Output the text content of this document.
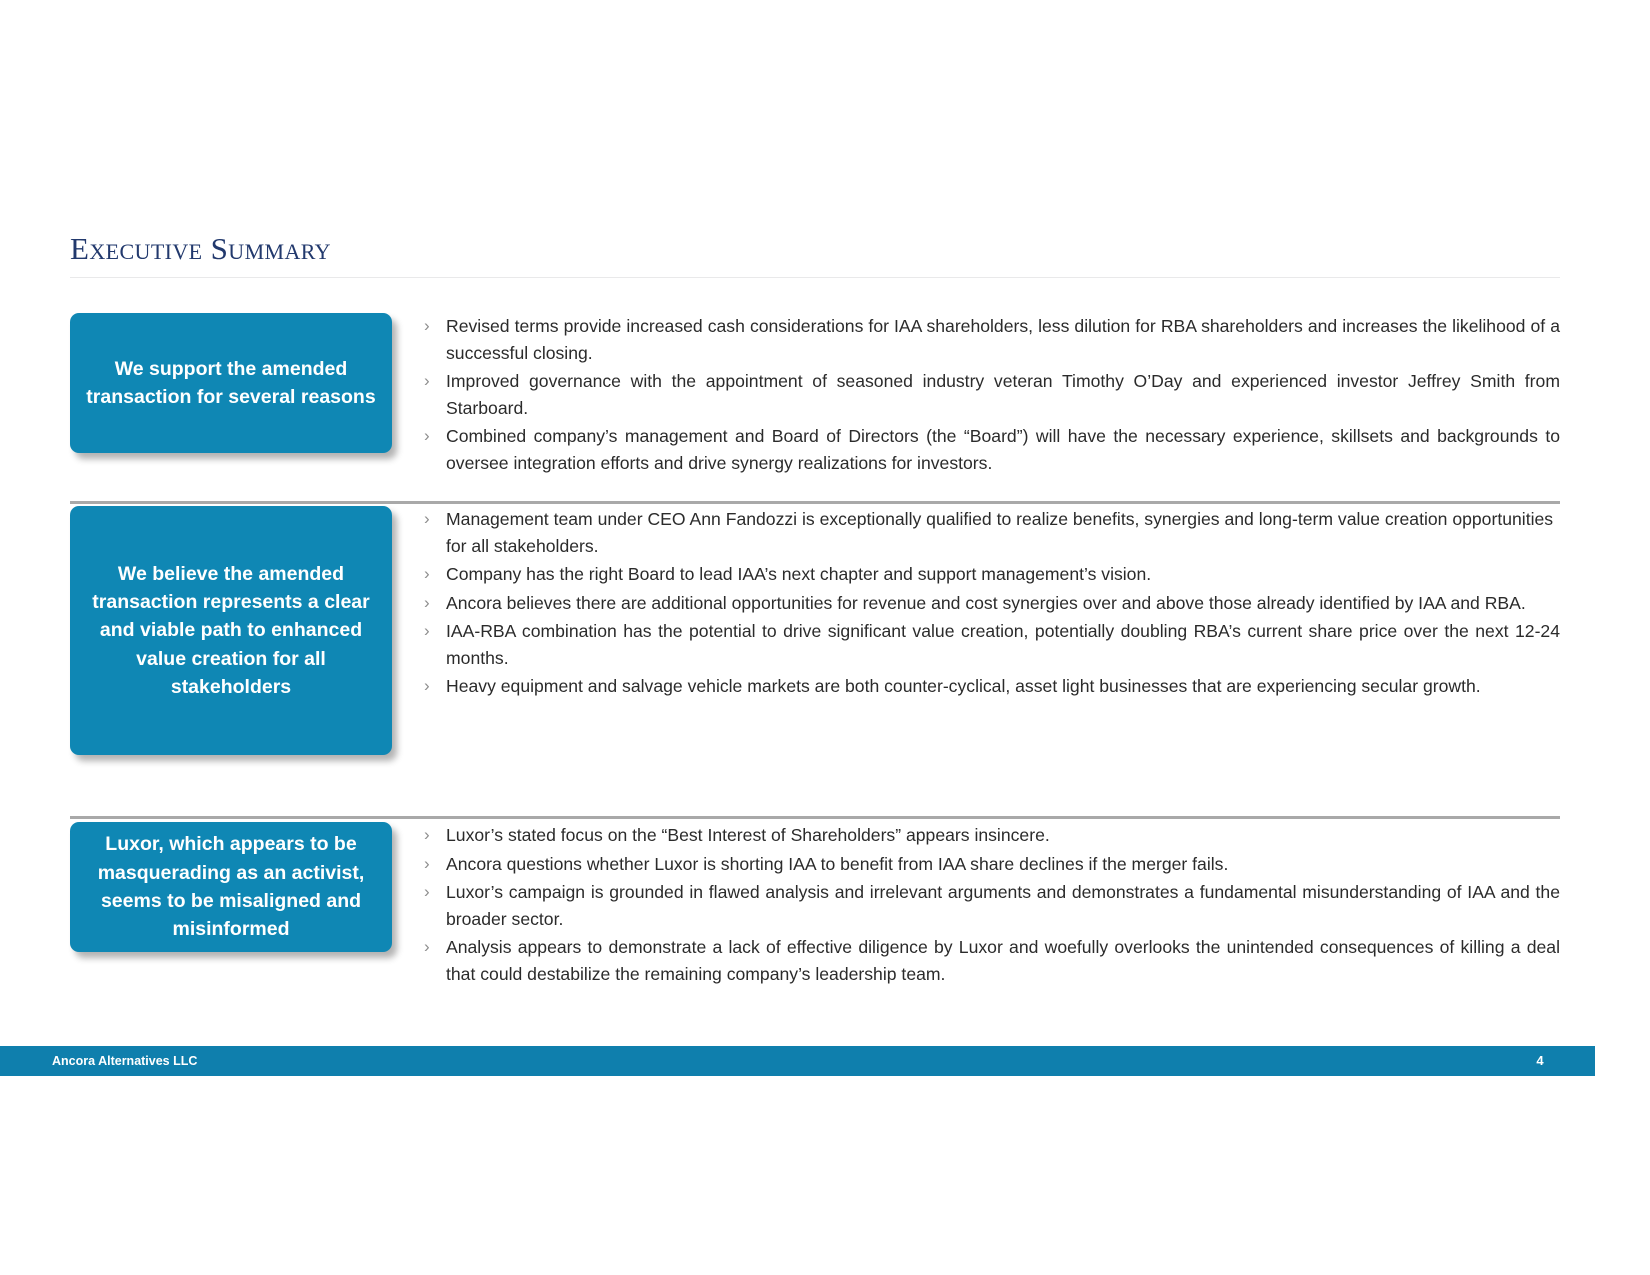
Executive Summary
We support the amended transaction for several reasons
› Revised terms provide increased cash considerations for IAA shareholders, less dilution for RBA shareholders and increases the likelihood of a successful closing.
› Improved governance with the appointment of seasoned industry veteran Timothy O’Day and experienced investor Jeffrey Smith from Starboard.
› Combined company’s management and Board of Directors (the “Board”) will have the necessary experience, skillsets and backgrounds to oversee integration efforts and drive synergy realizations for investors.
We believe the amended transaction represents a clear and viable path to enhanced value creation for all stakeholders
› Management team under CEO Ann Fandozzi is exceptionally qualified to realize benefits, synergies and long-term value creation opportunities for all stakeholders.
› Company has the right Board to lead IAA’s next chapter and support management’s vision.
› Ancora believes there are additional opportunities for revenue and cost synergies over and above those already identified by IAA and RBA.
› IAA-RBA combination has the potential to drive significant value creation, potentially doubling RBA’s current share price over the next 12-24 months.
› Heavy equipment and salvage vehicle markets are both counter-cyclical, asset light businesses that are experiencing secular growth.
Luxor, which appears to be masquerading as an activist, seems to be misaligned and misinformed
› Luxor’s stated focus on the “Best Interest of Shareholders” appears insincere.
› Ancora questions whether Luxor is shorting IAA to benefit from IAA share declines if the merger fails.
› Luxor’s campaign is grounded in flawed analysis and irrelevant arguments and demonstrates a fundamental misunderstanding of IAA and the broader sector.
› Analysis appears to demonstrate a lack of effective diligence by Luxor and woefully overlooks the unintended consequences of killing a deal that could destabilize the remaining company’s leadership team.
Ancora Alternatives LLC	4
